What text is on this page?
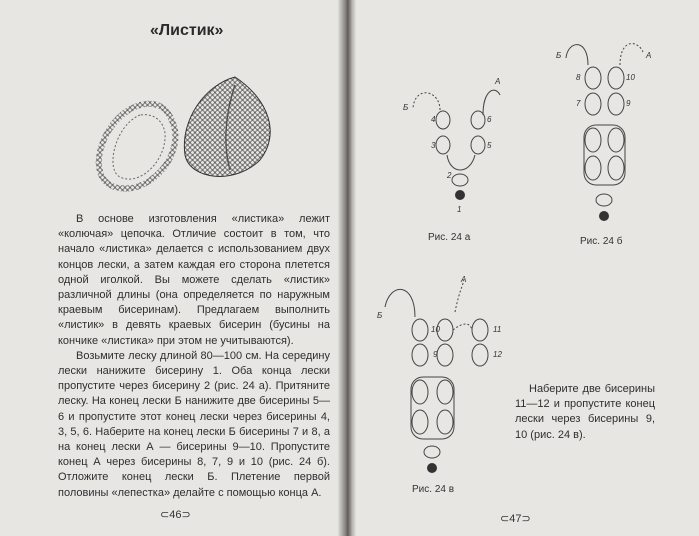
«Листик»

В основе изготовления «листика» лежит «колючая» цепочка. Отличие состоит в том, что начало «листика» делается с использованием двух концов лески, а затем каждая его сторона плетется одной иголкой. Вы можете сделать «листик» различной длины (она определяется по наружным краевым бисеринам). Предлагаем выполнить «листик» в девять краевых бисерин (бусины на кончике «листика» при этом не учитываются).

Возьмите леску длиной 80—100 см. На середину лески нанижите бисерину 1. Оба конца лески пропустите через бисерину 2 (рис. 24 а). Притяните леску. На конец лески Б нанижите две бисерины 5—6 и пропустите этот конец лески через бисерины 4, 3, 5, 6. Наберите на конец лески Б бисерины 7 и 8, а на конец лески А — бисерины 9—10. Пропустите конец А через бисерины 8, 7, 9 и 10 (рис. 24 б). Отложите конец лески Б. Плетение первой половины «лепестка» делайте с помощью конца А.

⊂46⊃
А
Б
4	6
3	5
2
1
Рис. 24 а
Б	А
8	10
7	9
Рис. 24 б
А
Б
10	11
9	12
Рис. 24 в

Наберите две бисерины 11—12 и пропустите конец лески через бисерины 9, 10 (рис. 24 в).

⊂47⊃
